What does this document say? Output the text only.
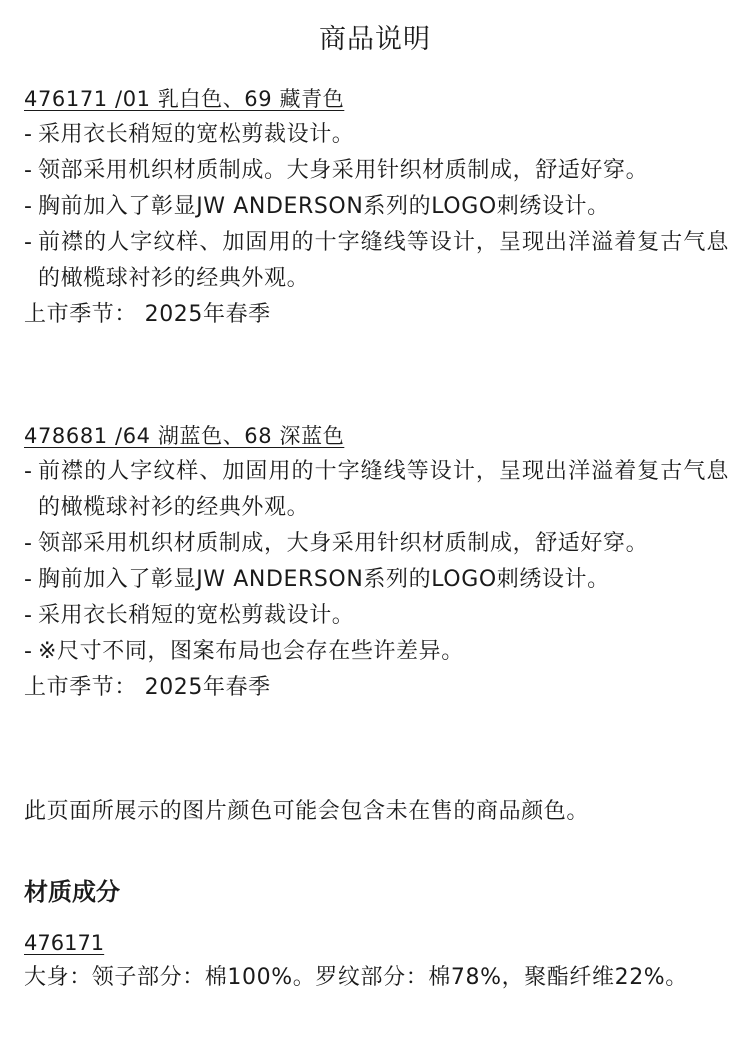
商品说明
476171 /01 乳白色、69 藏青色
- 采用衣长稍短的宽松剪裁设计。
- 领部采用机织材质制成。大身采用针织材质制成，舒适好穿。
- 胸前加入了彰显JW ANDERSON系列的LOGO刺绣设计。
- 前襟的人字纹样、加固用的十字缝线等设计，呈现出洋溢着复古气息的橄榄球衬衫的经典外观。
上市季节： 2025年春季
478681 /64 湖蓝色、68 深蓝色
- 前襟的人字纹样、加固用的十字缝线等设计，呈现出洋溢着复古气息的橄榄球衬衫的经典外观。
- 领部采用机织材质制成，大身采用针织材质制成，舒适好穿。
- 胸前加入了彰显JW ANDERSON系列的LOGO刺绣设计。
- 采用衣长稍短的宽松剪裁设计。
- ※尺寸不同，图案布局也会存在些许差异。
上市季节： 2025年春季
此页面所展示的图片颜色可能会包含未在售的商品颜色。
材质成分
476171
大身：领子部分：棉100%。罗纹部分：棉78%，聚酯纤维22%。
